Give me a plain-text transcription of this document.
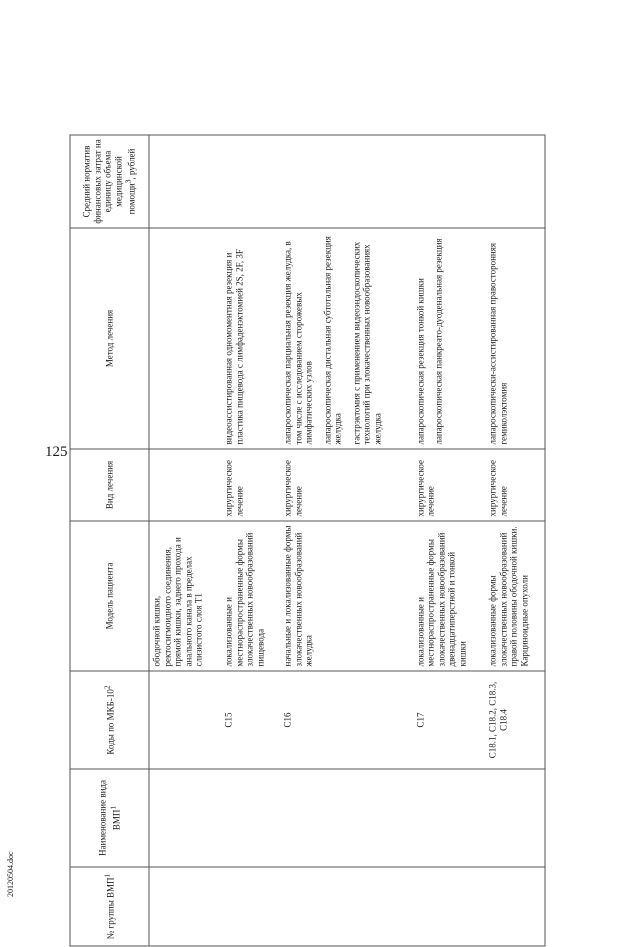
125
20120504.doc
№ группы ВМП$^1$	Наименование вида ВМП$^1$	Коды по МКБ-$10^2$	Модель пациента	Вид лечения	Метод лечения	Средний норматив финансовых затрат на единицу объема медицинской помощи$^3$, рублей
			ободочной кишки, ректосигмоидного соединения, прямой кишки, заднего прохода и анального канала в пределах слизистого слоя T1			
		C15	локализованные и местнораспространенные формы злокачественных новообразований пищевода	хирургическое лечение	видеоассистированная одномоментная резекция и пластика пищевода с лимфаденэктомией 2S, 2F, 3F	

		C16	начальные и локализованные формы злокачественных новообразований желудка	хирургическое лечение	лапароскопическая парциальная резекция желудка, в том числе с исследованием сторожевых лимфатических узлов лапароскопическая дистальная субтотальная резекция желудка гастрэктомия с применением видеоэндоскопических технологий при злокачественных новообразованиях желудка	

		C17	локализованные и местнораспространенные формы злокачественных новообразований двенадцатиперстной и тонкой кишки	хирургическое лечение	лапароскопическая резекция тонкой кишки лапароскопическая панкреато-дуоденальная резекция	

		C18.1, C18.2, C18.3, C18.4	локализованные формы злокачественных новообразований правой половины ободочной кишки. Карциноидные опухоли	хирургическое лечение	лапароскопически-ассистированная правосторонняя гемиколэктомия	
